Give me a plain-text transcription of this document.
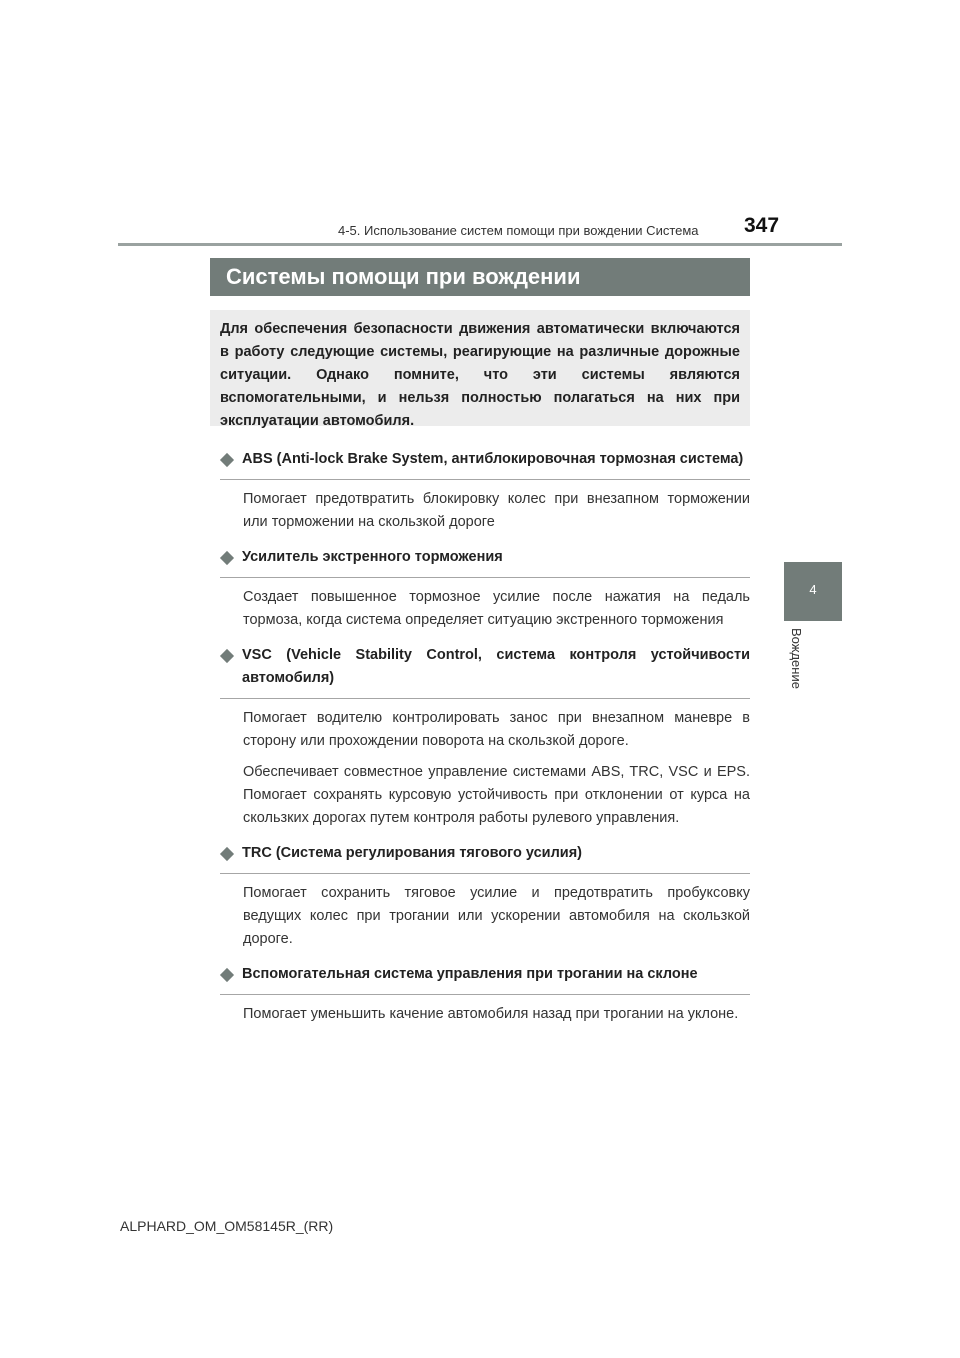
4-5. Использование систем помощи при вождении Система 347
4
Вождение
Системы помощи при вождении
Для обеспечения безопасности движения автоматически включаются в работу следующие системы, реагирующие на различные дорожные ситуации. Однако помните, что эти системы являются вспомогательными, и нельзя полностью полагаться на них при эксплуатации автомобиля.
ABS (Anti-lock Brake System, антиблокировочная тормозная система)

Помогает предотвратить блокировку колес при внезапном торможении или торможении на скользкой дороге

Усилитель экстренного торможения

Создает повышенное тормозное усилие после нажатия на педаль тормоза, когда система определяет ситуацию экстренного торможения

VSC (Vehicle Stability Control, система контроля устойчивости автомобиля)

Помогает водителю контролировать занос при внезапном маневре в сторону или прохождении поворота на скользкой дороге.

Обеспечивает совместное управление системами ABS, TRC, VSC и EPS. Помогает сохранять курсовую устойчивость при отклонении от курса на скользких дорогах путем контроля работы рулевого управления.

TRC (Система регулирования тягового усилия)

Помогает сохранить тяговое усилие и предотвратить пробуксовку ведущих колес при трогании или ускорении автомобиля на скользкой дороге.

Вспомогательная система управления при трогании на склоне

Помогает уменьшить качение автомобиля назад при трогании на уклоне.

ALPHARD_OM_OM58145R_(RR)
